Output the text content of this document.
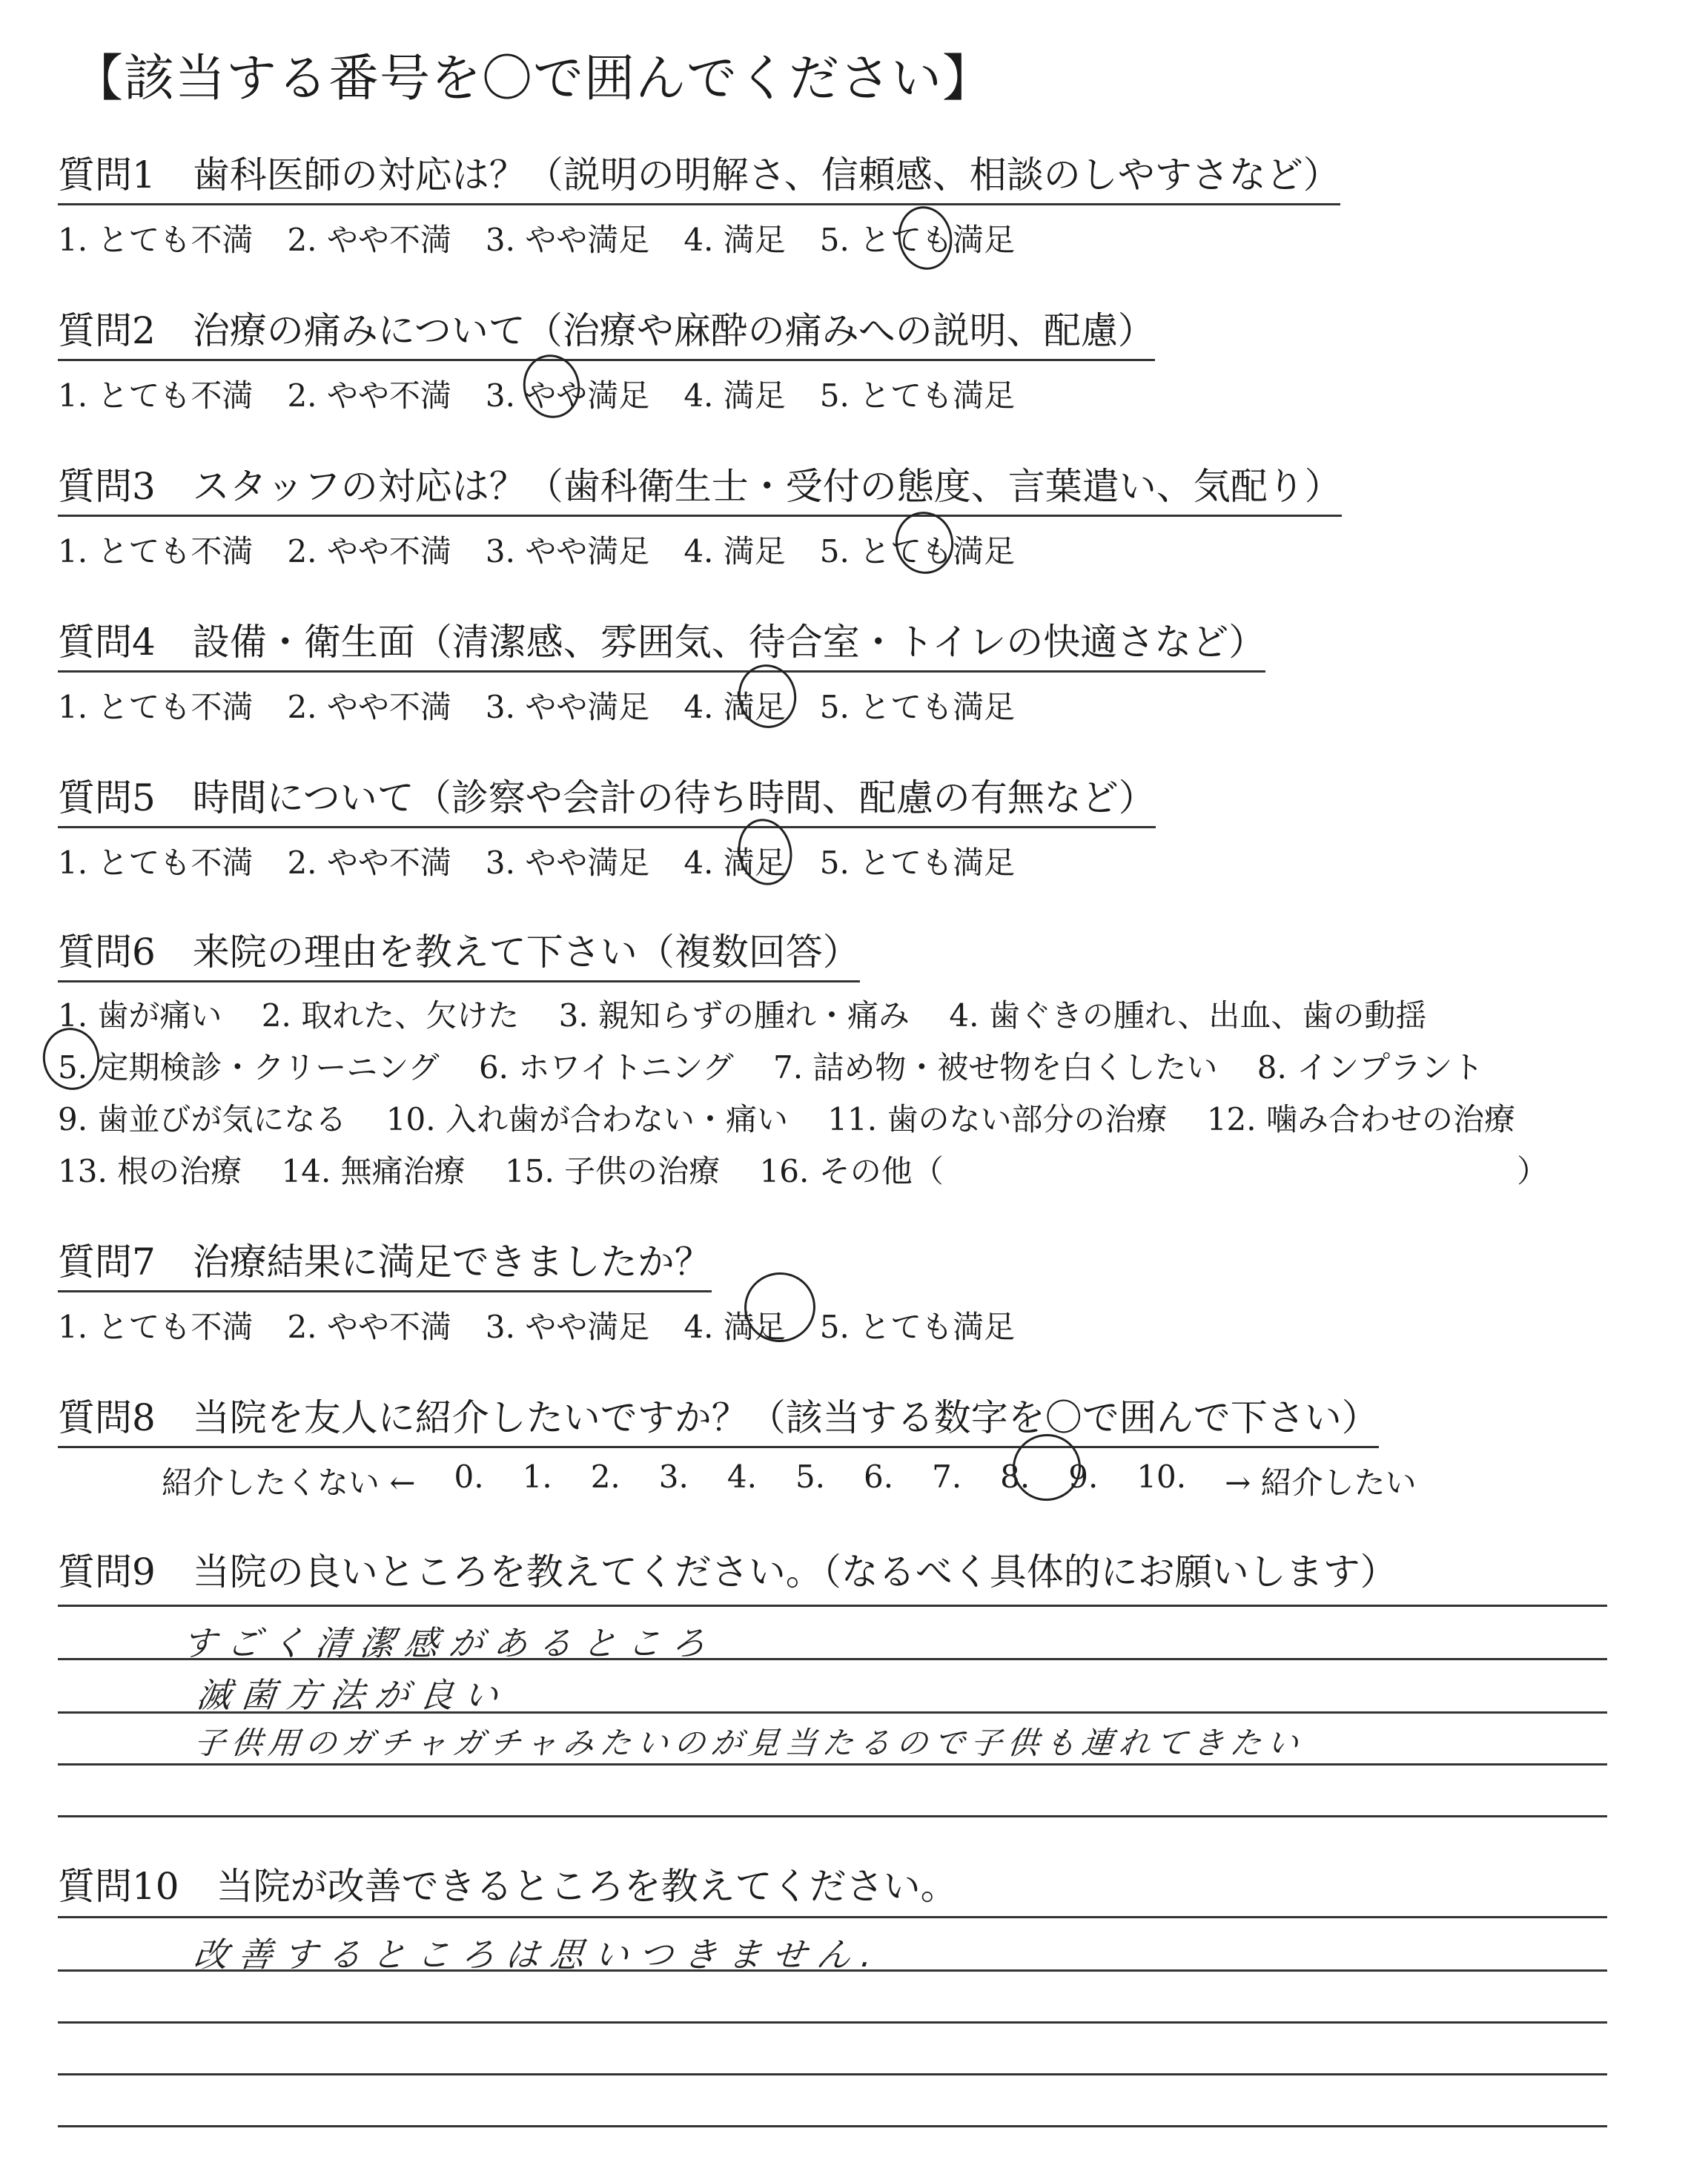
【該当する番号を〇で囲んでください】
質問1　歯科医師の対応は？（説明の明解さ、信頼感、相談のしやすさなど）
1. とても不満 2. やや不満 3. やや満足 4. 満足 5. とても満足
質問2　治療の痛みについて（治療や麻酔の痛みへの説明、配慮）
1. とても不満 2. やや不満 3. やや満足 4. 満足 5. とても満足
質問3　スタッフの対応は？（歯科衛生士・受付の態度、言葉遣い、気配り）
1. とても不満 2. やや不満 3. やや満足 4. 満足 5. とても満足
質問4　設備・衛生面（清潔感、雰囲気、待合室・トイレの快適さなど）
1. とても不満 2. やや不満 3. やや満足 4. 満足 5. とても満足
質問5　時間について（診察や会計の待ち時間、配慮の有無など）
1. とても不満 2. やや不満 3. やや満足 4. 満足 5. とても満足
質問6　来院の理由を教えて下さい（複数回答）
1. 歯が痛い 2. 取れた、欠けた 3. 親知らずの腫れ・痛み 4. 歯ぐきの腫れ、出血、歯の動揺
5. 定期検診・クリーニング 6. ホワイトニング 7. 詰め物・被せ物を白くしたい 8. インプラント
9. 歯並びが気になる 10. 入れ歯が合わない・痛い 11. 歯のない部分の治療 12. 噛み合わせの治療
13. 根の治療 14. 無痛治療 15. 子供の治療 16. その他（	）
質問7　治療結果に満足できましたか？
1. とても不満 2. やや不満 3. やや満足 4. 満足 5. とても満足
質問8　当院を友人に紹介したいですか？（該当する数字を〇で囲んで下さい）
紹介したくない ← 0. 1. 2. 3. 4. 5. 6. 7. 8. 9. 10. → 紹介したい
質問9　当院の良いところを教えてください。（なるべく具体的にお願いします）
すごく清潔感があるところ
滅菌方法が良い
子供用のガチャガチャみたいのが見当たるので子供も連れてきたい
質問10　当院が改善できるところを教えてください。
改善するところは思いつきません.
